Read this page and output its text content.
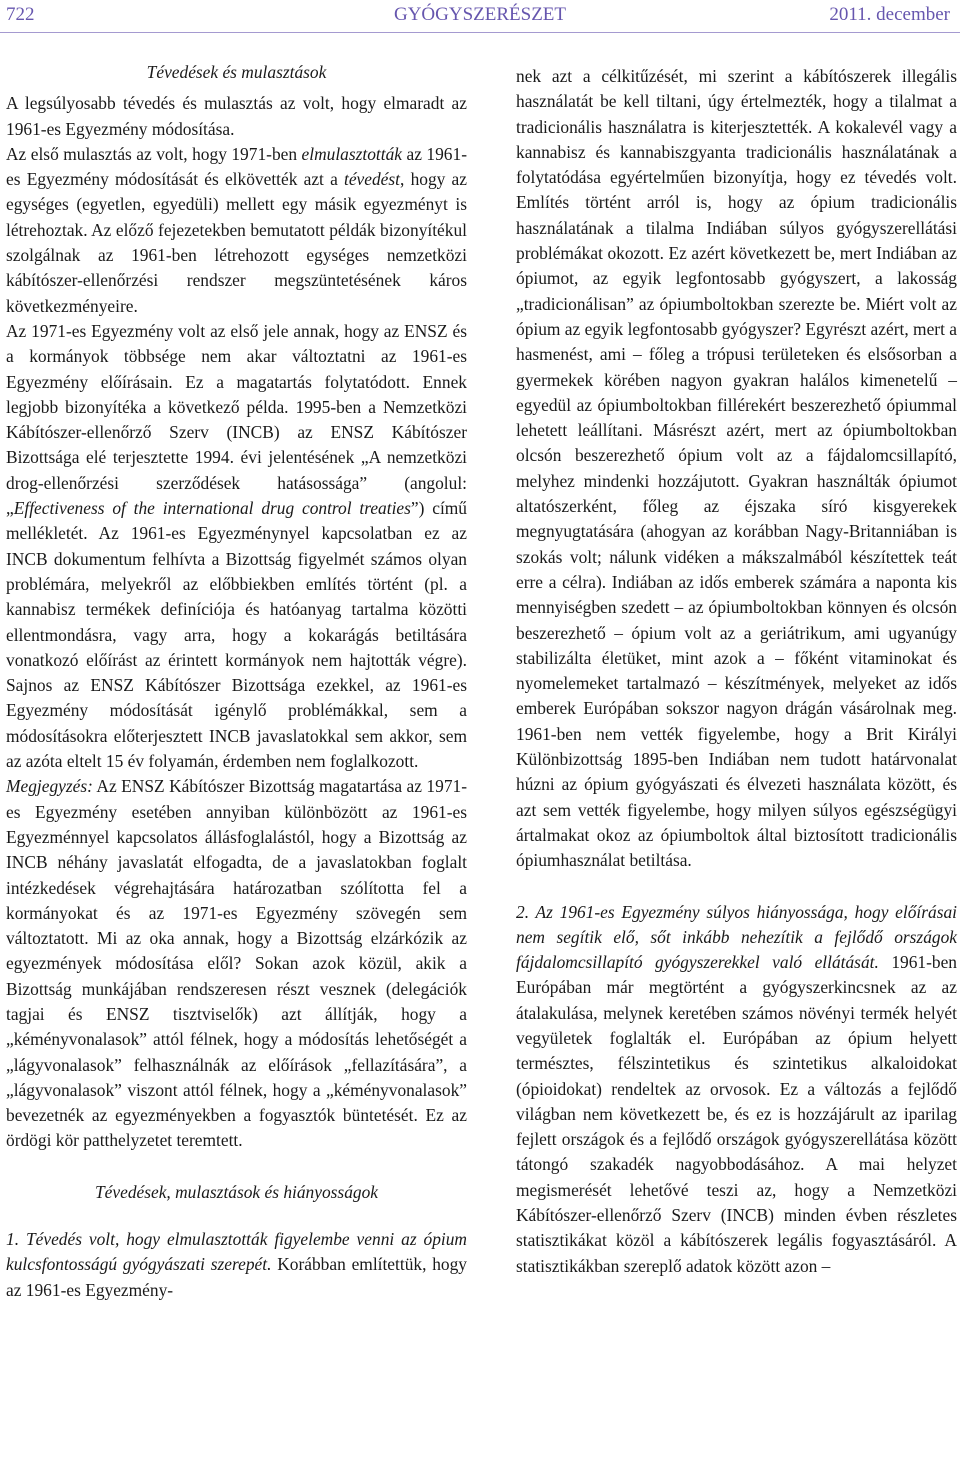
722	GYÓGYSZERÉSZET	2011. december

Tévedések és mulasztások

A legsúlyosabb tévedés és mulasztás az volt, hogy elmaradt az 1961-es Egyezmény módosítása.

Az első mulasztás az volt, hogy 1971-ben elmulasztották az 1961-es Egyezmény módosítását és elkövették azt a tévedést, hogy az egységes (egyetlen, egyedüli) mellett egy másik egyezményt is létrehoztak. Az előző fejezetekben bemutatott példák bizonyítékul szolgálnak az 1961-ben létrehozott egységes nemzetközi kábítószer-ellenőrzési rendszer megszüntetésének káros következményeire.

Az 1971-es Egyezmény volt az első jele annak, hogy az ENSZ és a kormányok többsége nem akar változtatni az 1961-es Egyezmény előírásain. Ez a magatartás folytatódott. Ennek legjobb bizonyítéka a következő példa. 1995-ben a Nemzetközi Kábítószer-ellenőrző Szerv (INCB) az ENSZ Kábítószer Bizottsága elé terjesztette 1994. évi jelentésének „A nemzetközi drog-ellenőrzési szerződések hatásossága” (angolul: „Effectiveness of the international drug control treaties”) című mellékletét. Az 1961-es Egyezménynyel kapcsolatban ez az INCB dokumentum felhívta a Bizottság figyelmét számos olyan problémára, melyekről az előbbiekben említés történt (pl. a kannabisz termékek definíciója és hatóanyag tartalma közötti ellentmondásra, vagy arra, hogy a kokarágás betiltására vonatkozó előírást az érintett kormányok nem hajtották végre). Sajnos az ENSZ Kábítószer Bizottsága ezekkel, az 1961-es Egyezmény módosítását igénylő problémákkal, sem a módosításokra előterjesztett INCB javaslatokkal sem akkor, sem az azóta eltelt 15 év folyamán, érdemben nem foglalkozott.

Megjegyzés: Az ENSZ Kábítószer Bizottság magatartása az 1971-es Egyezmény esetében annyiban különbözött az 1961-es Egyezménnyel kapcsolatos állásfoglalástól, hogy a Bizottság az INCB néhány javaslatát elfogadta, de a javaslatokban foglalt intézkedések végrehajtására határozatban szólította fel a kormányokat és az 1971-es Egyezmény szövegén sem változtatott. Mi az oka annak, hogy a Bizottság elzárkózik az egyezmények módosítása elől? Sokan azok közül, akik a Bizottság munkájában rendszeresen részt vesznek (delegációk tagjai és ENSZ tisztviselők) azt állítják, hogy a „kéményvonalasok” attól félnek, hogy a módosítás lehetőségét a „lágyvonalasok” felhasználnák az előírások „fellazítására”, a „lágyvonalasok” viszont attól félnek, hogy a „kéményvonalasok” bevezetnék az egyezményekben a fogyasztók büntetését. Ez az ördögi kör patthelyzetet teremtett.

Tévedések, mulasztások és hiányosságok

1. Tévedés volt, hogy elmulasztották figyelembe venni az ópium kulcsfontosságú gyógyászati szerepét. Korábban említettük, hogy az 1961-es Egyezmény-

nek azt a célkitűzését, mi szerint a kábítószerek illegális használatát be kell tiltani, úgy értelmezték, hogy a tilalmat a tradicionális használatra is kiterjesztették. A kokalevél vagy a kannabisz és kannabiszgyanta tradicionális használatának a folytatódása egyértelműen bizonyítja, hogy ez tévedés volt. Említés történt arról is, hogy az ópium tradicionális használatának a tilalma Indiában súlyos gyógyszerellátási problémákat okozott. Ez azért következett be, mert Indiában az ópiumot, az egyik legfontosabb gyógyszert, a lakosság „tradicionálisan” az ópiumboltokban szerezte be. Miért volt az ópium az egyik legfontosabb gyógyszer? Egyrészt azért, mert a hasmenést, ami – főleg a trópusi területeken és elsősorban a gyermekek körében nagyon gyakran halálos kimenetelű – egyedül az ópiumboltokban fillérekért beszerezhető ópiummal lehetett leállítani. Másrészt azért, mert az ópiumboltokban olcsón beszerezhető ópium volt az a fájdalomcsillapító, melyhez mindenki hozzájutott. Gyakran használták ópiumot altatószerként, főleg az éjszaka síró kisgyerekek megnyugtatására (ahogyan az korábban Nagy-Britanniában is szokás volt; nálunk vidéken a mákszalmából készítettek teát erre a célra). Indiában az idős emberek számára a naponta kis mennyiségben szedett – az ópiumboltokban könnyen és olcsón beszerezhető – ópium volt az a geriátrikum, ami ugyanúgy stabilizálta életüket, mint azok a – főként vitaminokat és nyomelemeket tartalmazó – készítmények, melyeket az idős emberek Európában sokszor nagyon drágán vásárolnak meg. 1961-ben nem vették figyelembe, hogy a Brit Királyi Különbizottság 1895-ben Indiában nem tudott határvonalat húzni az ópium gyógyászati és élvezeti használata között, és azt sem vették figyelembe, hogy milyen súlyos egészségügyi ártalmakat okoz az ópiumboltok által biztosított tradicionális ópiumhasználat betiltása.

2. Az 1961-es Egyezmény súlyos hiányossága, hogy előírásai nem segítik elő, sőt inkább nehezítik a fejlődő országok fájdalomcsillapító gyógyszerekkel való ellátását. 1961-ben Európában már megtörtént a gyógyszerkincsnek az az átalakulása, melynek keretében számos növényi termék helyét vegyületek foglalták el. Európában az ópium helyett természtes, félszintetikus és szintetikus alkaloidokat (ópioidokat) rendeltek az orvosok. Ez a változás a fejlődő világban nem következett be, és ez is hozzájárult az iparilag fejlett országok és a fejlődő országok gyógyszerellátása között tátongó szakadék nagyobbodásához. A mai helyzet megismerését lehetővé teszi az, hogy a Nemzetközi Kábítószer-ellenőrző Szerv (INCB) minden évben részletes statisztikákat közöl a kábítószerek legális fogyasztásáról. A statisztikákban szereplő adatok között azon –
